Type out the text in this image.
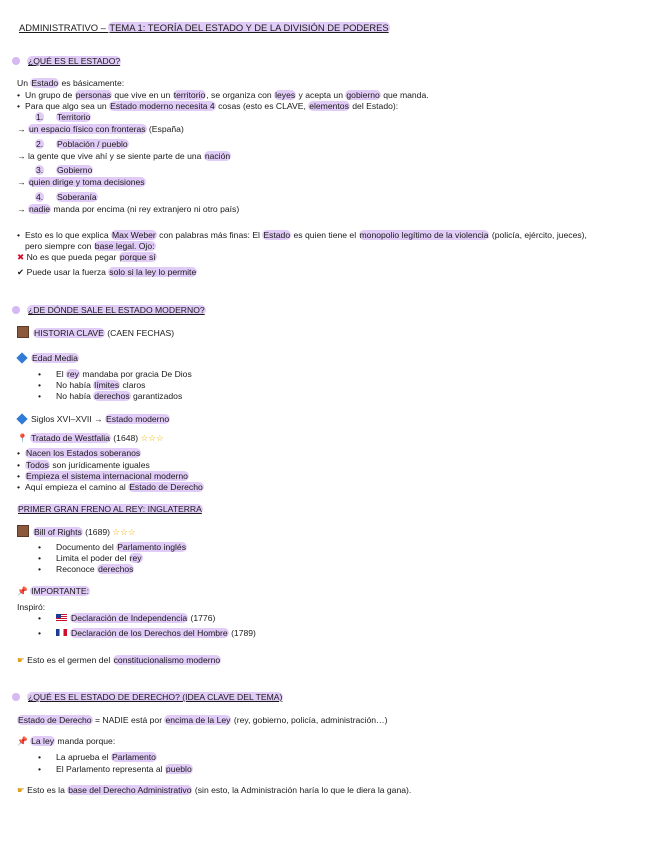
ADMINISTRATIVO – TEMA 1: TEORÍA DEL ESTADO Y DE LA DIVISIÓN DE PODERES
¿QUÉ ES EL ESTADO?
Un Estado es básicamente:
• Un grupo de personas que vive en un territorio, se organiza con leyes y acepta un gobierno que manda.
• Para que algo sea un Estado moderno necesita 4 cosas (esto es CLAVE, elementos del Estado):
1. Territorio
→ un espacio físico con fronteras (España)
2. Población / pueblo
→ la gente que vive ahí y se siente parte de una nación
3. Gobierno
→ quien dirige y toma decisiones
4. Soberanía
→ nadie manda por encima (ni rey extranjero ni otro país)
• Esto es lo que explica Max Weber con palabras más finas: El Estado es quien tiene el monopolio legítimo de la violencia (policía, ejército, jueces),
pero siempre con base legal. Ojo:
✖ No es que pueda pegar porque sí
✔ Puede usar la fuerza solo si la ley lo permite
¿DE DÓNDE SALE EL ESTADO MODERNO?
HISTORIA CLAVE (CAEN FECHAS)
Edad Media
• El rey mandaba por gracia De Dios
• No había límites claros
• No había derechos garantizados
Siglos XVI–XVII → Estado moderno
📍 Tratado de Westfalia (1648) ☆☆☆
• Nacen los Estados soberanos
• Todos son jurídicamente iguales
• Empieza el sistema internacional moderno
• Aquí empieza el camino al Estado de Derecho
PRIMER GRAN FRENO AL REY: INGLATERRA
Bill of Rights (1689) ☆☆☆
• Documento del Parlamento inglés
• Limita el poder del rey
• Reconoce derechos
📌 IMPORTANTE:
Inspiró:
•	Declaración de Independencia (1776)
•	Declaración de los Derechos del Hombre (1789)
☛ Esto es el germen del constitucionalismo moderno
¿QUÉ ES EL ESTADO DE DERECHO? (IDEA CLAVE DEL TEMA)
Estado de Derecho = NADIE está por encima de la Ley (rey, gobierno, policía, administración…)
📌 La ley manda porque:
• La aprueba el Parlamento
• El Parlamento representa al pueblo
☛ Esto es la base del Derecho Administrativo (sin esto, la Administración haría lo que le diera la gana).
